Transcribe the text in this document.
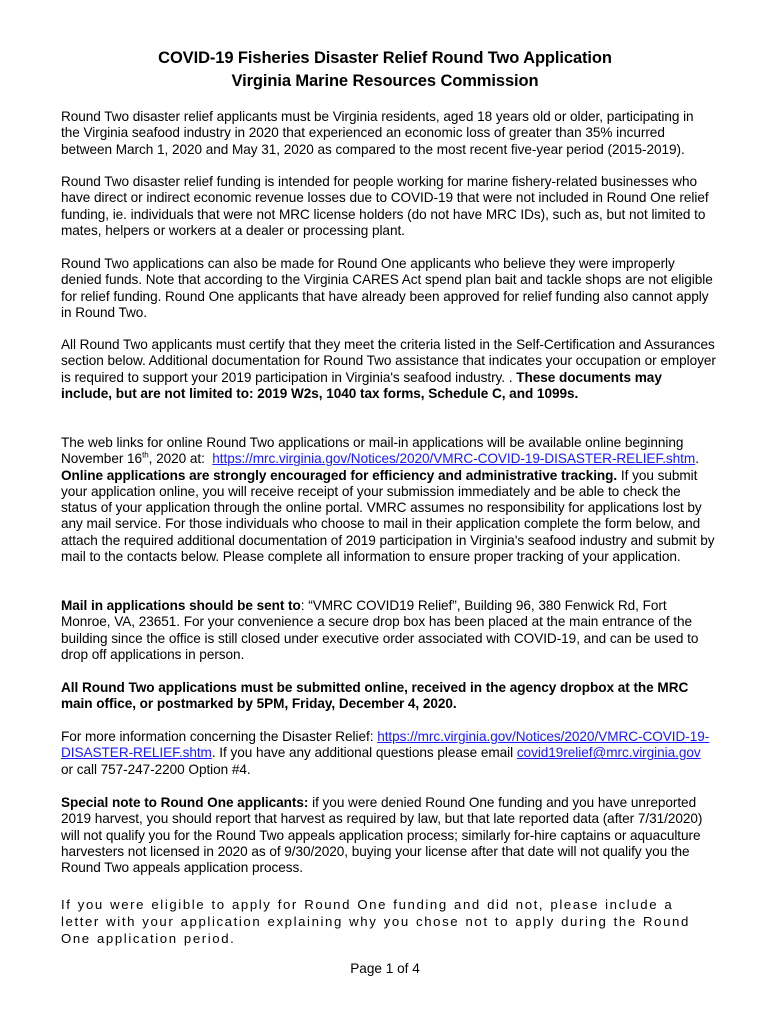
COVID-19 Fisheries Disaster Relief Round Two Application
Virginia Marine Resources Commission
Round Two disaster relief applicants must be Virginia residents, aged 18 years old or older, participating in the Virginia seafood industry in 2020 that experienced an economic loss of greater than 35% incurred between March 1, 2020 and May 31, 2020 as compared to the most recent five-year period (2015-2019).
Round Two disaster relief funding is intended for people working for marine fishery-related businesses who have direct or indirect economic revenue losses due to COVID-19 that were not included in Round One relief funding, ie. individuals that were not MRC license holders (do not have MRC IDs), such as, but not limited to mates, helpers or workers at a dealer or processing plant.
Round Two applications can also be made for Round One applicants who believe they were improperly denied funds. Note that according to the Virginia CARES Act spend plan bait and tackle shops are not eligible for relief funding. Round One applicants that have already been approved for relief funding also cannot apply in Round Two.
All Round Two applicants must certify that they meet the criteria listed in the Self-Certification and Assurances section below. Additional documentation for Round Two assistance that indicates your occupation or employer is required to support your 2019 participation in Virginia's seafood industry. . These documents may include, but are not limited to: 2019 W2s, 1040 tax forms, Schedule C, and 1099s.
The web links for online Round Two applications or mail-in applications will be available online beginning November 16th, 2020 at: https://mrc.virginia.gov/Notices/2020/VMRC-COVID-19-DISASTER-RELIEF.shtm.  Online applications are strongly encouraged for efficiency and administrative tracking. If you submit your application online, you will receive receipt of your submission immediately and be able to check the status of your application through the online portal. VMRC assumes no responsibility for applications lost by any mail service. For those individuals who choose to mail in their application complete the form below, and attach the required additional documentation of 2019 participation in Virginia's seafood industry and submit by mail to the contacts below. Please complete all information to ensure proper tracking of your application.
Mail in applications should be sent to: “VMRC COVID19 Relief”, Building 96, 380 Fenwick Rd, Fort Monroe, VA, 23651. For your convenience a secure drop box has been placed at the main entrance of the building since the office is still closed under executive order associated with COVID-19, and can be used to drop off applications in person.
All Round Two applications must be submitted online, received in the agency dropbox at the MRC main office, or postmarked by 5PM, Friday, December 4, 2020.
For more information concerning the Disaster Relief: https://mrc.virginia.gov/Notices/2020/VMRC-COVID-19-DISASTER-RELIEF.shtm. If you have any additional questions please email covid19relief@mrc.virginia.gov or call 757-247-2200 Option #4.
Special note to Round One applicants: if you were denied Round One funding and you have unreported 2019 harvest, you should report that harvest as required by law, but that late reported data (after 7/31/2020) will not qualify you for the Round Two appeals application process; similarly for-hire captains or aquaculture harvesters not licensed in 2020 as of 9/30/2020, buying your license after that date will not qualify you the Round Two appeals application process.
If you were eligible to apply for Round One funding and did not, please include a letter with your application explaining why you chose not to apply during the Round One application period.
Page 1 of 4
